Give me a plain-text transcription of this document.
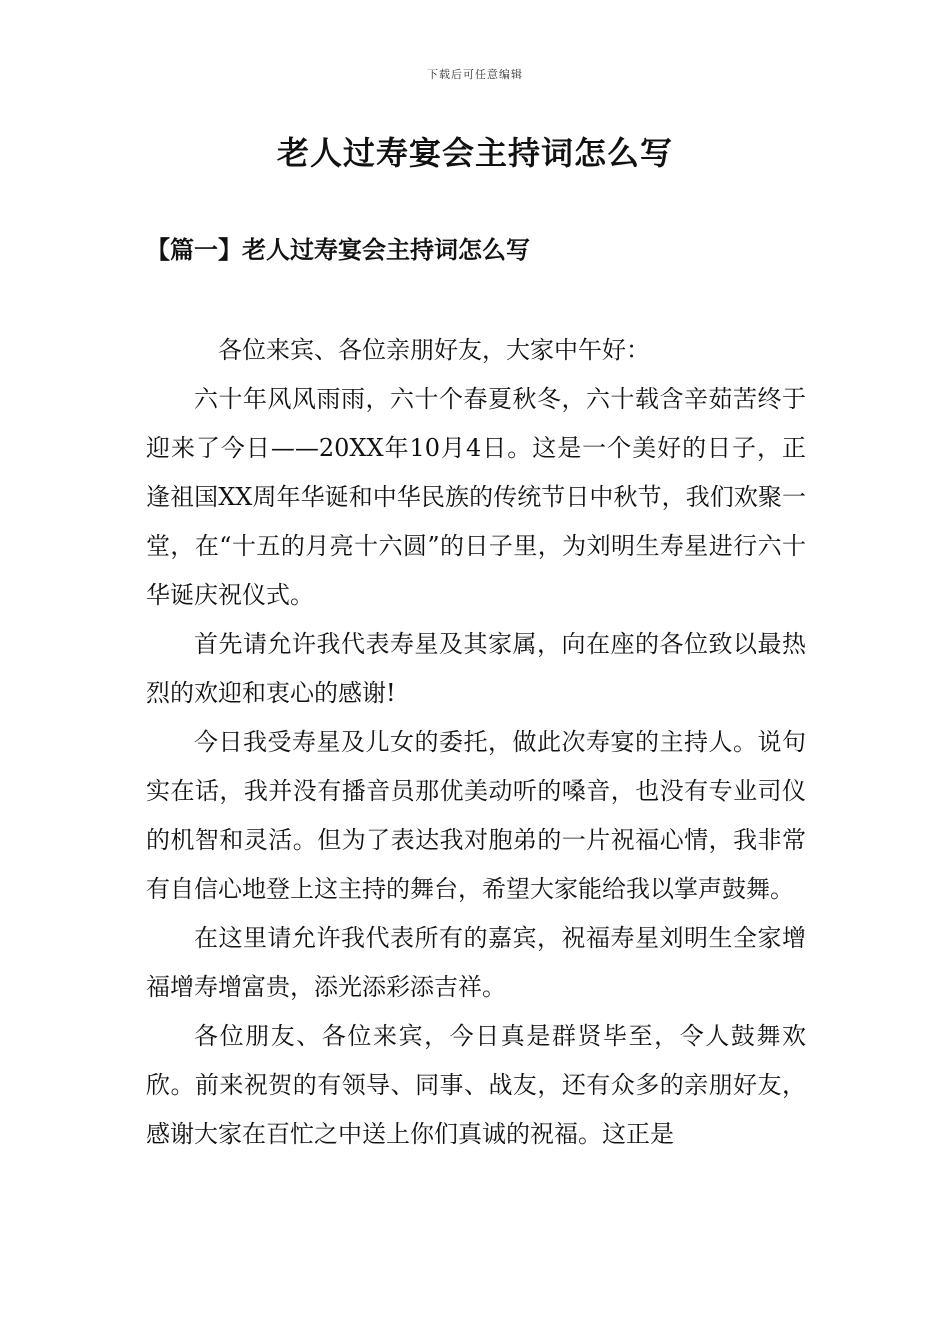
下载后可任意编辑
老人过寿宴会主持词怎么写
【篇一】老人过寿宴会主持词怎么写

各位来宾、各位亲朋好友，大家中午好：

六十年风风雨雨，六十个春夏秋冬，六十载含辛茹苦终于迎来了今日——20XX年10月4日。这是一个美好的日子，正逢祖国XX周年华诞和中华民族的传统节日中秋节，我们欢聚一堂，在“十五的月亮十六圆”的日子里，为刘明生寿星进行六十华诞庆祝仪式。

首先请允许我代表寿星及其家属，向在座的各位致以最热烈的欢迎和衷心的感谢!

今日我受寿星及儿女的委托，做此次寿宴的主持人。说句实在话，我并没有播音员那优美动听的嗓音，也没有专业司仪的机智和灵活。但为了表达我对胞弟的一片祝福心情，我非常有自信心地登上这主持的舞台，希望大家能给我以掌声鼓舞。

在这里请允许我代表所有的嘉宾，祝福寿星刘明生全家增福增寿增富贵，添光添彩添吉祥。

各位朋友、各位来宾，今日真是群贤毕至，令人鼓舞欢欣。前来祝贺的有领导、同事、战友，还有众多的亲朋好友，感谢大家在百忙之中送上你们真诚的祝福。这正是
